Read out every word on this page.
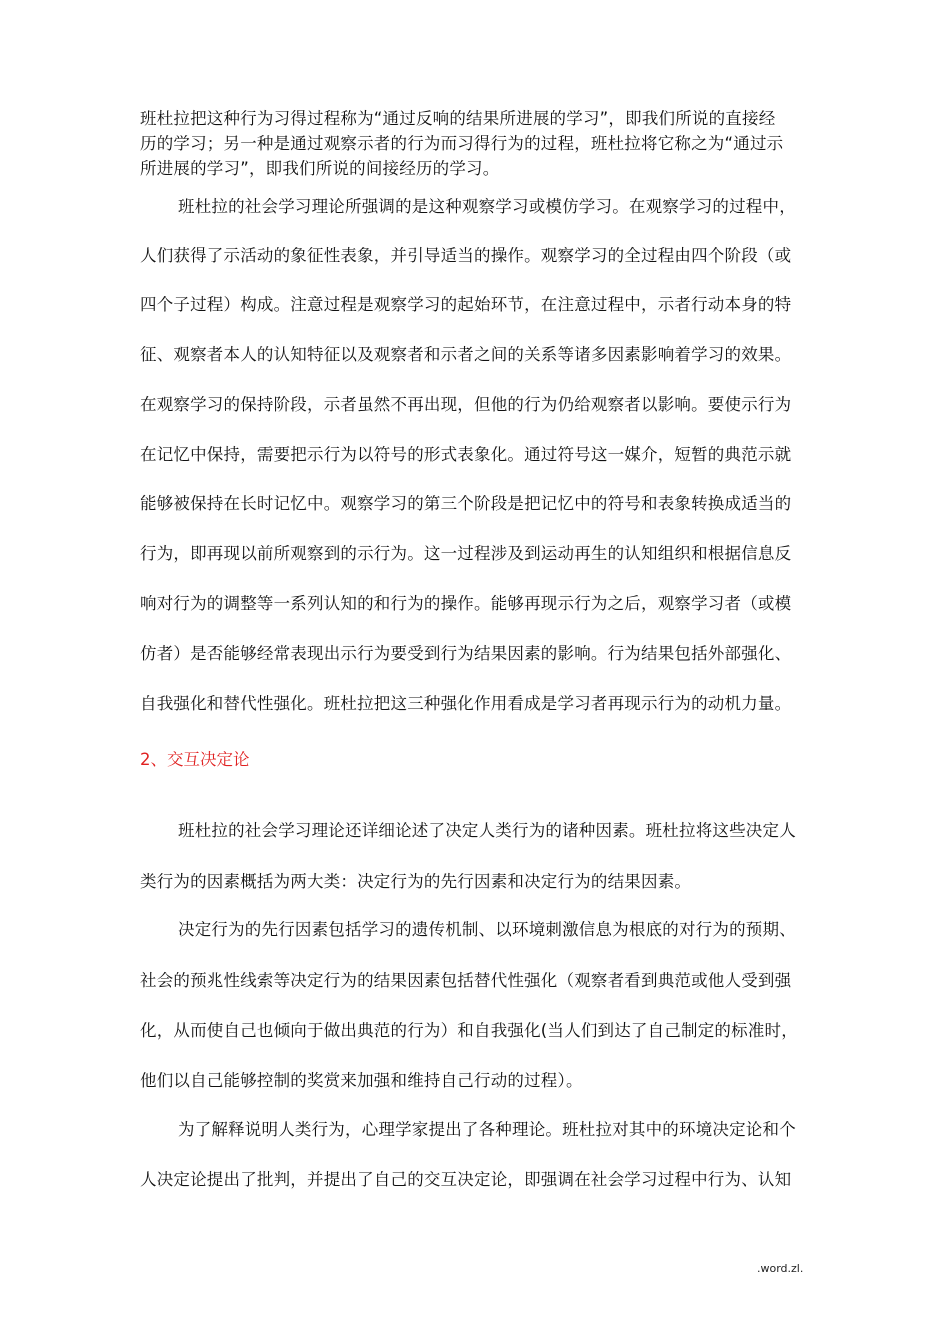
班杜拉把这种行为习得过程称为“通过反响的结果所进展的学习”，即我们所说的直接经
历的学习；另一种是通过观察示者的行为而习得行为的过程，班杜拉将它称之为“通过示
所进展的学习”，即我们所说的间接经历的学习。
班杜拉的社会学习理论所强调的是这种观察学习或模仿学习。在观察学习的过程中，
人们获得了示活动的象征性表象，并引导适当的操作。观察学习的全过程由四个阶段（或
四个子过程）构成。注意过程是观察学习的起始环节，在注意过程中，示者行动本身的特
征、观察者本人的认知特征以及观察者和示者之间的关系等诸多因素影响着学习的效果。
在观察学习的保持阶段，示者虽然不再出现，但他的行为仍给观察者以影响。要使示行为
在记忆中保持，需要把示行为以符号的形式表象化。通过符号这一媒介，短暂的典范示就
能够被保持在长时记忆中。观察学习的第三个阶段是把记忆中的符号和表象转换成适当的
行为，即再现以前所观察到的示行为。这一过程涉及到运动再生的认知组织和根据信息反
响对行为的调整等一系列认知的和行为的操作。能够再现示行为之后，观察学习者（或模
仿者）是否能够经常表现出示行为要受到行为结果因素的影响。行为结果包括外部强化、
自我强化和替代性强化。班杜拉把这三种强化作用看成是学习者再现示行为的动机力量。
2、交互决定论
班杜拉的社会学习理论还详细论述了决定人类行为的诸种因素。班杜拉将这些决定人
类行为的因素概括为两大类：决定行为的先行因素和决定行为的结果因素。
决定行为的先行因素包括学习的遗传机制、以环境刺激信息为根底的对行为的预期、
社会的预兆性线索等决定行为的结果因素包括替代性强化（观察者看到典范或他人受到强
化，从而使自己也倾向于做出典范的行为）和自我强化(当人们到达了自己制定的标准时，
他们以自己能够控制的奖赏来加强和维持自己行动的过程）。
为了解释说明人类行为，心理学家提出了各种理论。班杜拉对其中的环境决定论和个
人决定论提出了批判，并提出了自己的交互决定论，即强调在社会学习过程中行为、认知
.word.zl.
